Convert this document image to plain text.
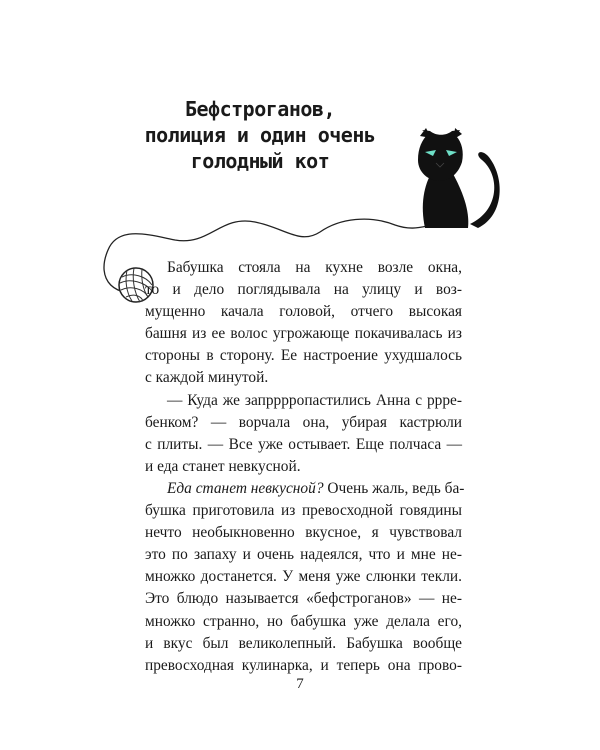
Бефстроганов,
полиция и один очень
голодный кот
Бабушка стояла на кухне возле окна,
то и дело поглядывала на улицу и воз-
мущенно качала головой, отчего высокая
башня из ее волос угрожающе покачивалась из
стороны в сторону. Ее настроение ухудшалось
с каждой минутой.
— Куда же запрррропастились Анна с ррре-
бенком? — ворчала она, убирая кастрюли
с плиты. — Все уже остывает. Еще полчаса —
и еда станет невкусной.
Еда станет невкусной? Очень жаль, ведь ба-
бушка приготовила из превосходной говядины
нечто необыкновенно вкусное, я чувствовал
это по запаху и очень надеялся, что и мне не-
множко достанется. У меня уже слюнки текли.
Это блюдо называется «бефстроганов» — не-
множко странно, но бабушка уже делала его,
и вкус был великолепный. Бабушка вообще
превосходная кулинарка, и теперь она прово-
7
